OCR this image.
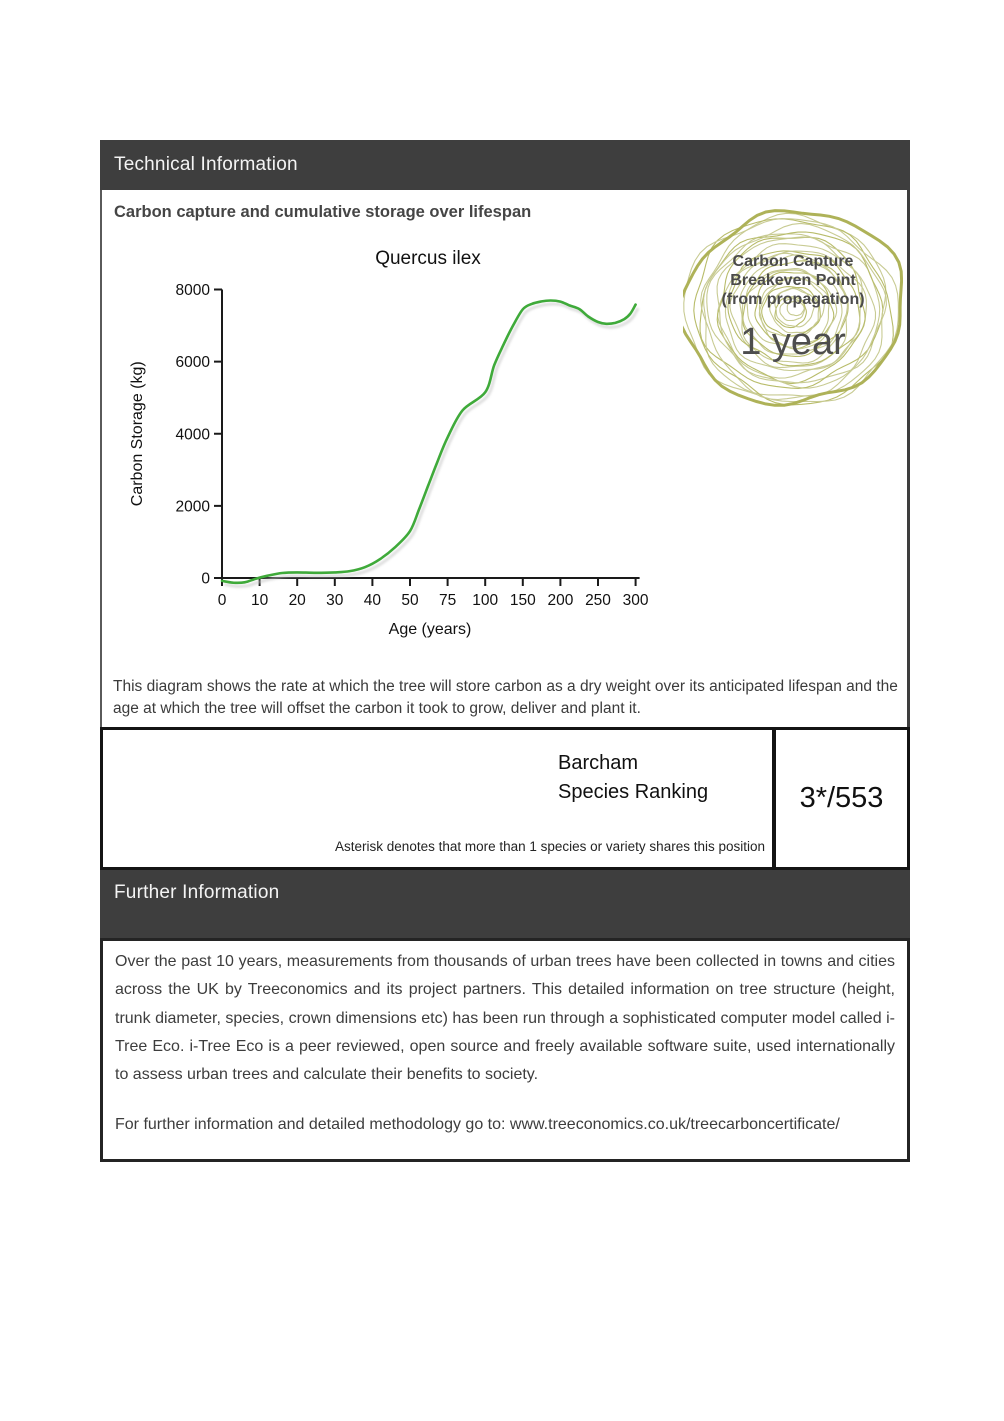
Technical Information
Carbon capture and cumulative storage over lifespan
Quercus ilex
0
2000
4000
6000
8000
0 10 20 30 40 50 75 100 150 200 250 300
Age (years)
Carbon Storage (kg)
Carbon Capture
Breakeven Point
(from propagation)
1 year
This diagram shows the rate at which the tree will store carbon as a dry weight over its anticipated lifespan and the age at which the tree will offset the carbon it took to grow, deliver and plant it.
Barcham
Species Ranking
Asterisk denotes that more than 1 species or variety shares this position
3*/553
Further Information

Over the past 10 years, measurements from thousands of urban trees have been collected in towns and cities across the UK by Treeconomics and its project partners. This detailed information on tree structure (height, trunk diameter, species, crown dimensions etc) has been run through a sophisticated computer model called i-Tree Eco. i-Tree Eco is a peer reviewed, open source and freely available software suite, used internationally to assess urban trees and calculate their benefits to society.

For further information and detailed methodology go to: www.treeconomics.co.uk/treecarboncertificate/
